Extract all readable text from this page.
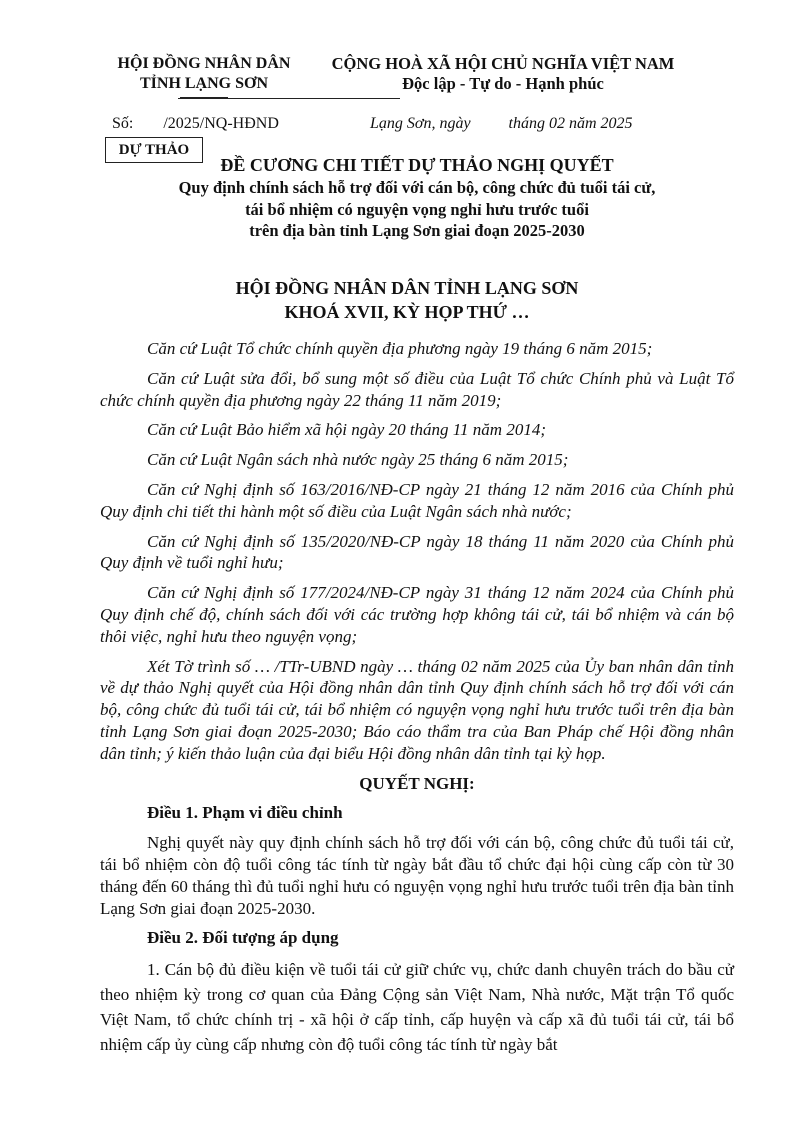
HỘI ĐỒNG NHÂN DÂN
TỈNH LẠNG SƠN
CỘNG HOÀ XÃ HỘI CHỦ NGHĨA VIỆT NAM
Độc lập - Tự do - Hạnh phúc
Số: /2025/NQ-HĐND	Lạng Sơn, ngày tháng 02 năm 2025
DỰ THẢO
ĐỀ CƯƠNG CHI TIẾT DỰ THẢO NGHỊ QUYẾT
Quy định chính sách hỗ trợ đối với cán bộ, công chức đủ tuổi tái cử,
tái bổ nhiệm có nguyện vọng nghỉ hưu trước tuổi
trên địa bàn tỉnh Lạng Sơn giai đoạn 2025-2030
HỘI ĐỒNG NHÂN DÂN TỈNH LẠNG SƠN
KHOÁ XVII, KỲ HỌP THỨ …

Căn cứ Luật Tổ chức chính quyền địa phương ngày 19 tháng 6 năm 2015;

Căn cứ Luật sửa đổi, bổ sung một số điều của Luật Tổ chức Chính phủ và Luật Tổ chức chính quyền địa phương ngày 22 tháng 11 năm 2019;

Căn cứ Luật Bảo hiểm xã hội ngày 20 tháng 11 năm 2014;

Căn cứ Luật Ngân sách nhà nước ngày 25 tháng 6 năm 2015;

Căn cứ Nghị định số 163/2016/NĐ-CP ngày 21 tháng 12 năm 2016 của Chính phủ Quy định chi tiết thi hành một số điều của Luật Ngân sách nhà nước;

Căn cứ Nghị định số 135/2020/NĐ-CP ngày 18 tháng 11 năm 2020 của Chính phủ Quy định về tuổi nghỉ hưu;

Căn cứ Nghị định số 177/2024/NĐ-CP ngày 31 tháng 12 năm 2024 của Chính phủ Quy định chế độ, chính sách đối với các trường hợp không tái cử, tái bổ nhiệm và cán bộ thôi việc, nghỉ hưu theo nguyện vọng;

Xét Tờ trình số … /TTr-UBND ngày … tháng 02 năm 2025 của Ủy ban nhân dân tỉnh về dự thảo Nghị quyết của Hội đồng nhân dân tỉnh Quy định chính sách hỗ trợ đối với cán bộ, công chức đủ tuổi tái cử, tái bổ nhiệm có nguyện vọng nghỉ hưu trước tuổi trên địa bàn tỉnh Lạng Sơn giai đoạn 2025-2030; Báo cáo thẩm tra của Ban Pháp chế Hội đồng nhân dân tỉnh; ý kiến thảo luận của đại biểu Hội đồng nhân dân tỉnh tại kỳ họp.

QUYẾT NGHỊ:

Điều 1. Phạm vi điều chỉnh

Nghị quyết này quy định chính sách hỗ trợ đối với cán bộ, công chức đủ tuổi tái cử, tái bổ nhiệm còn độ tuổi công tác tính từ ngày bắt đầu tổ chức đại hội cùng cấp còn từ 30 tháng đến 60 tháng thì đủ tuổi nghỉ hưu có nguyện vọng nghỉ hưu trước tuổi trên địa bàn tỉnh Lạng Sơn giai đoạn 2025-2030.

Điều 2. Đối tượng áp dụng

1. Cán bộ đủ điều kiện về tuổi tái cử giữ chức vụ, chức danh chuyên trách do bầu cử theo nhiệm kỳ trong cơ quan của Đảng Cộng sản Việt Nam, Nhà nước, Mặt trận Tổ quốc Việt Nam, tổ chức chính trị - xã hội ở cấp tỉnh, cấp huyện và cấp xã đủ tuổi tái cử, tái bổ nhiệm cấp ủy cùng cấp nhưng còn độ tuổi công tác tính từ ngày bắt
